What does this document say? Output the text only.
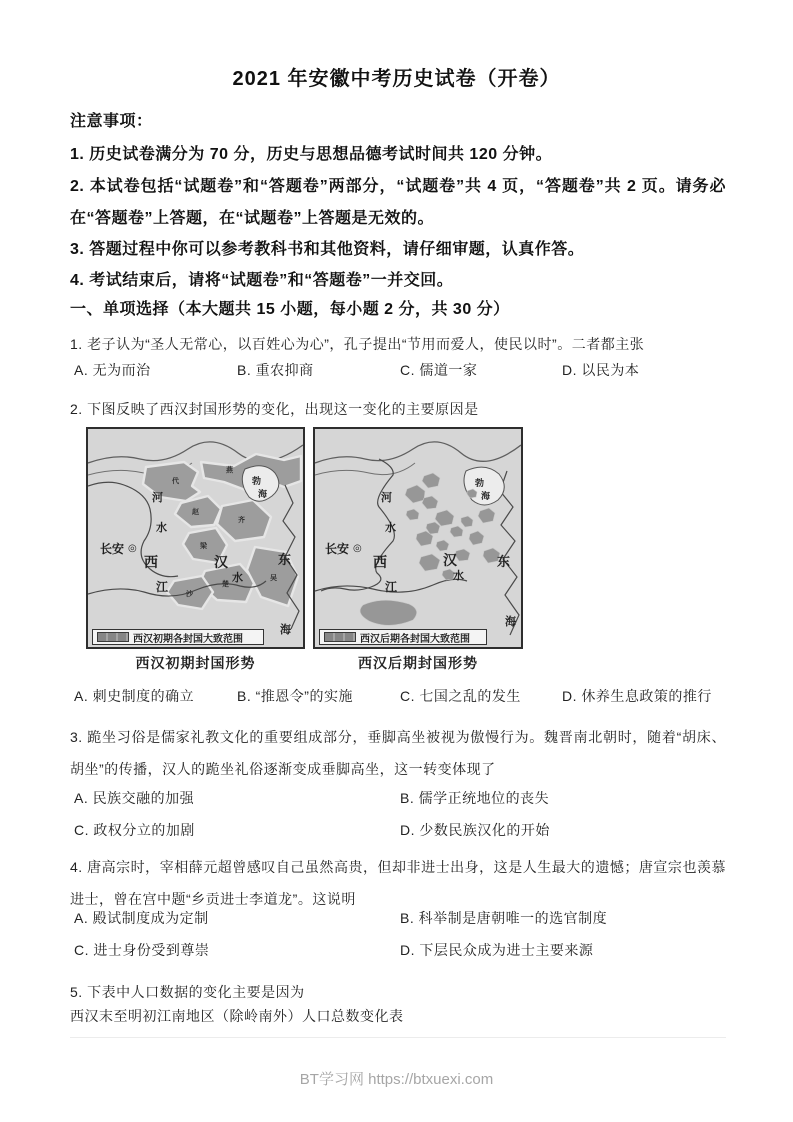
2021 年安徽中考历史试卷（开卷）
注意事项：
1. 历史试卷满分为 70 分，历史与思想品德考试时间共 120 分钟。
2. 本试卷包括“试题卷”和“答题卷”两部分，“试题卷”共 4 页，“答题卷”共 2 页。请务必在“答题卷”上答题，在“试题卷”上答题是无效的。
3. 答题过程中你可以参考教科书和其他资料，请仔细审题，认真作答。
4. 考试结束后，请将“试题卷”和“答题卷”一并交回。
一、单项选择（本大题共 15 小题，每小题 2 分，共 30 分）
1. 老子认为“圣人无常心，以百姓心为心”，孔子提出“节用而爱人，使民以时”。二者都主张
A. 无为而治	B. 重农抑商	C. 儒道一家	D. 以民为本
2. 下图反映了西汉封国形势的变化，出现这一变化的主要原因是
长安 ◎
西	汉	东
河
水
江
水
勃
海
海
代
燕
赵
齐
梁
楚
吴
沙
西汉初期各封国大致范围
西汉初期封国形势
长安 ◎
西	汉	东
河
水
江
水
勃
海
海
西汉后期各封国大致范围
西汉后期封国形势
A. 刺史制度的确立	B. “推恩令”的实施	C. 七国之乱的发生	D. 休养生息政策的推行
3. 跪坐习俗是儒家礼教文化的重要组成部分，垂脚高坐被视为傲慢行为。魏晋南北朝时，随着“胡床、胡坐”的传播，汉人的跪坐礼俗逐渐变成垂脚高坐，这一转变体现了
A. 民族交融的加强	B. 儒学正统地位的丧失
C. 政权分立的加剧	D. 少数民族汉化的开始
4. 唐高宗时，宰相薛元超曾感叹自己虽然高贵，但却非进士出身，这是人生最大的遗憾；唐宣宗也羡慕进士，曾在宫中题“乡贡进士李道龙”。这说明
A. 殿试制度成为定制	B. 科举制是唐朝唯一的选官制度
C. 进士身份受到尊崇	D. 下层民众成为进士主要来源
5. 下表中人口数据的变化主要是因为
西汉末至明初江南地区（除岭南外）人口总数变化表
BT学习网 https://btxuexi.com
